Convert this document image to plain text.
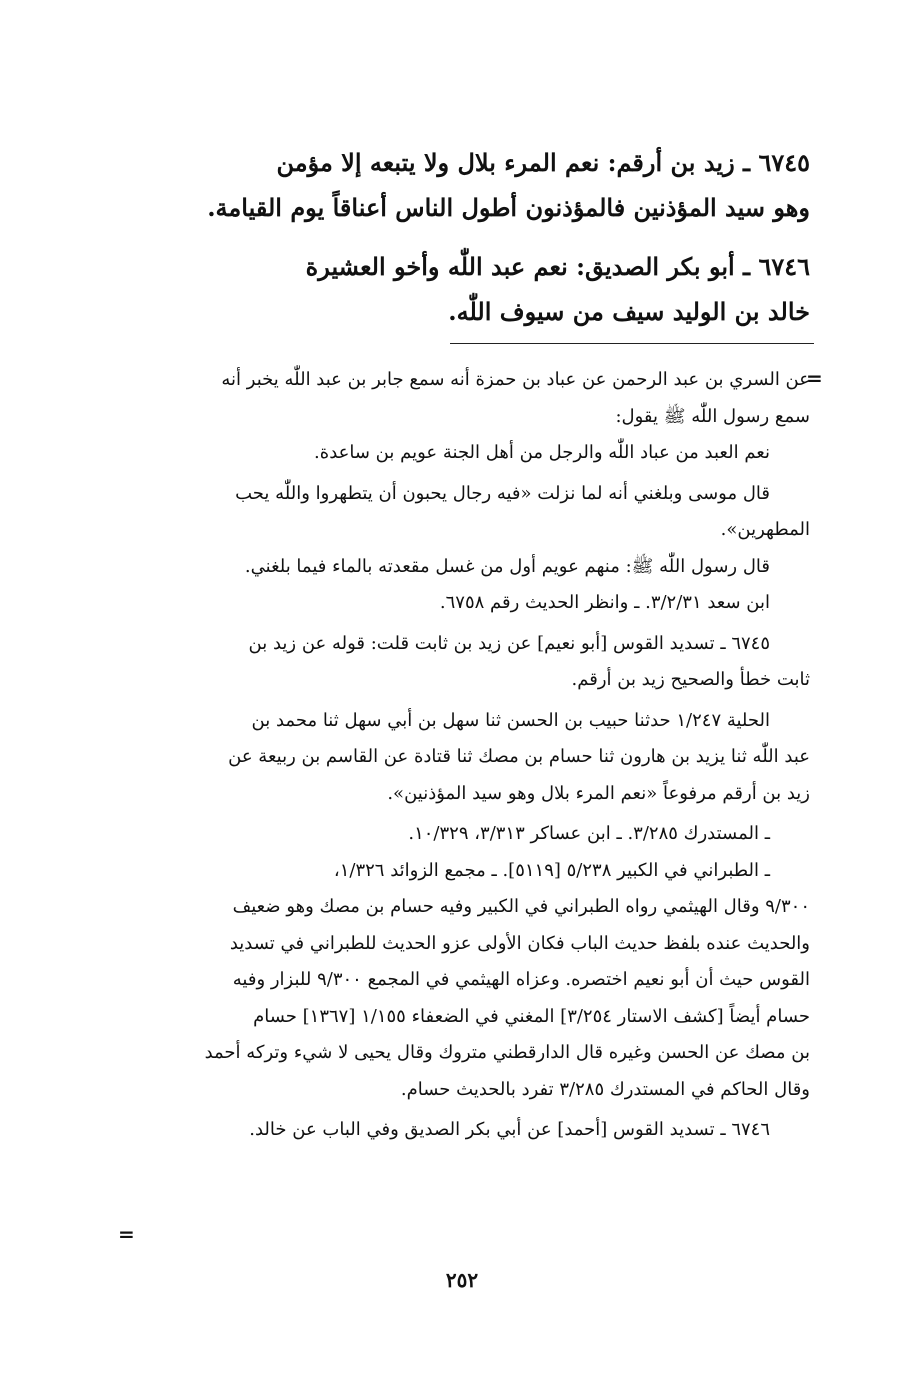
٦٧٤٥ ـ زيد بن أرقم: نعم المرء بلال ولا يتبعه إلا مؤمن

وهو سيد المؤذنين فالمؤذنون أطول الناس أعناقاً يوم القيامة.

٦٧٤٦ ـ أبو بكر الصديق: نعم عبد اللّٰه وأخو العشيرة

خالد بن الوليد سيف من سيوف اللّٰه.

=

عن السري بن عبد الرحمن عن عباد بن حمزة أنه سمع جابر بن عبد اللّٰه يخبر أنه

سمع رسول اللّٰه ﷺ يقول:

نعم العبد من عباد اللّٰه والرجل من أهل الجنة عويم بن ساعدة.

قال موسى وبلغني أنه لما نزلت «فيه رجال يحبون أن يتطهروا واللّٰه يحب

المطهرين».

قال رسول اللّٰه ﷺ: منهم عويم أول من غسل مقعدته بالماء فيما بلغني.

ابن سعد ٣/٢/٣١. ـ وانظر الحديث رقم ٦٧٥٨.

٦٧٤٥ ـ تسديد القوس [أبو نعيم] عن زيد بن ثابت قلت: قوله عن زيد بن

ثابت خطأ والصحيح زيد بن أرقم.

الحلية ١/٢٤٧ حدثنا حبيب بن الحسن ثنا سهل بن أبي سهل ثنا محمد بن

عبد اللّٰه ثنا يزيد بن هارون ثنا حسام بن مصك ثنا قتادة عن القاسم بن ربيعة عن

زيد بن أرقم مرفوعاً «نعم المرء بلال وهو سيد المؤذنين».

ـ المستدرك ٣/٢٨٥. ـ ابن عساكر ٣/٣١٣، ١٠/٣٢٩.

ـ الطبراني في الكبير ٥/٢٣٨ [٥١١٩]. ـ مجمع الزوائد ١/٣٢٦،

٩/٣٠٠ وقال الهيثمي رواه الطبراني في الكبير وفيه حسام بن مصك وهو ضعيف

والحديث عنده بلفظ حديث الباب فكان الأولى عزو الحديث للطبراني في تسديد

القوس حيث أن أبو نعيم اختصره. وعزاه الهيثمي في المجمع ٩/٣٠٠ للبزار وفيه

حسام أيضاً [كشف الاستار ٣/٢٥٤] المغني في الضعفاء ١/١٥٥ [١٣٦٧] حسام

بن مصك عن الحسن وغيره قال الدارقطني متروك وقال يحيى لا شيء وتركه أحمد

وقال الحاكم في المستدرك ٣/٢٨٥ تفرد بالحديث حسام.

٦٧٤٦ ـ تسديد القوس [أحمد] عن أبي بكر الصديق وفي الباب عن خالد.

=
٢٥٢
